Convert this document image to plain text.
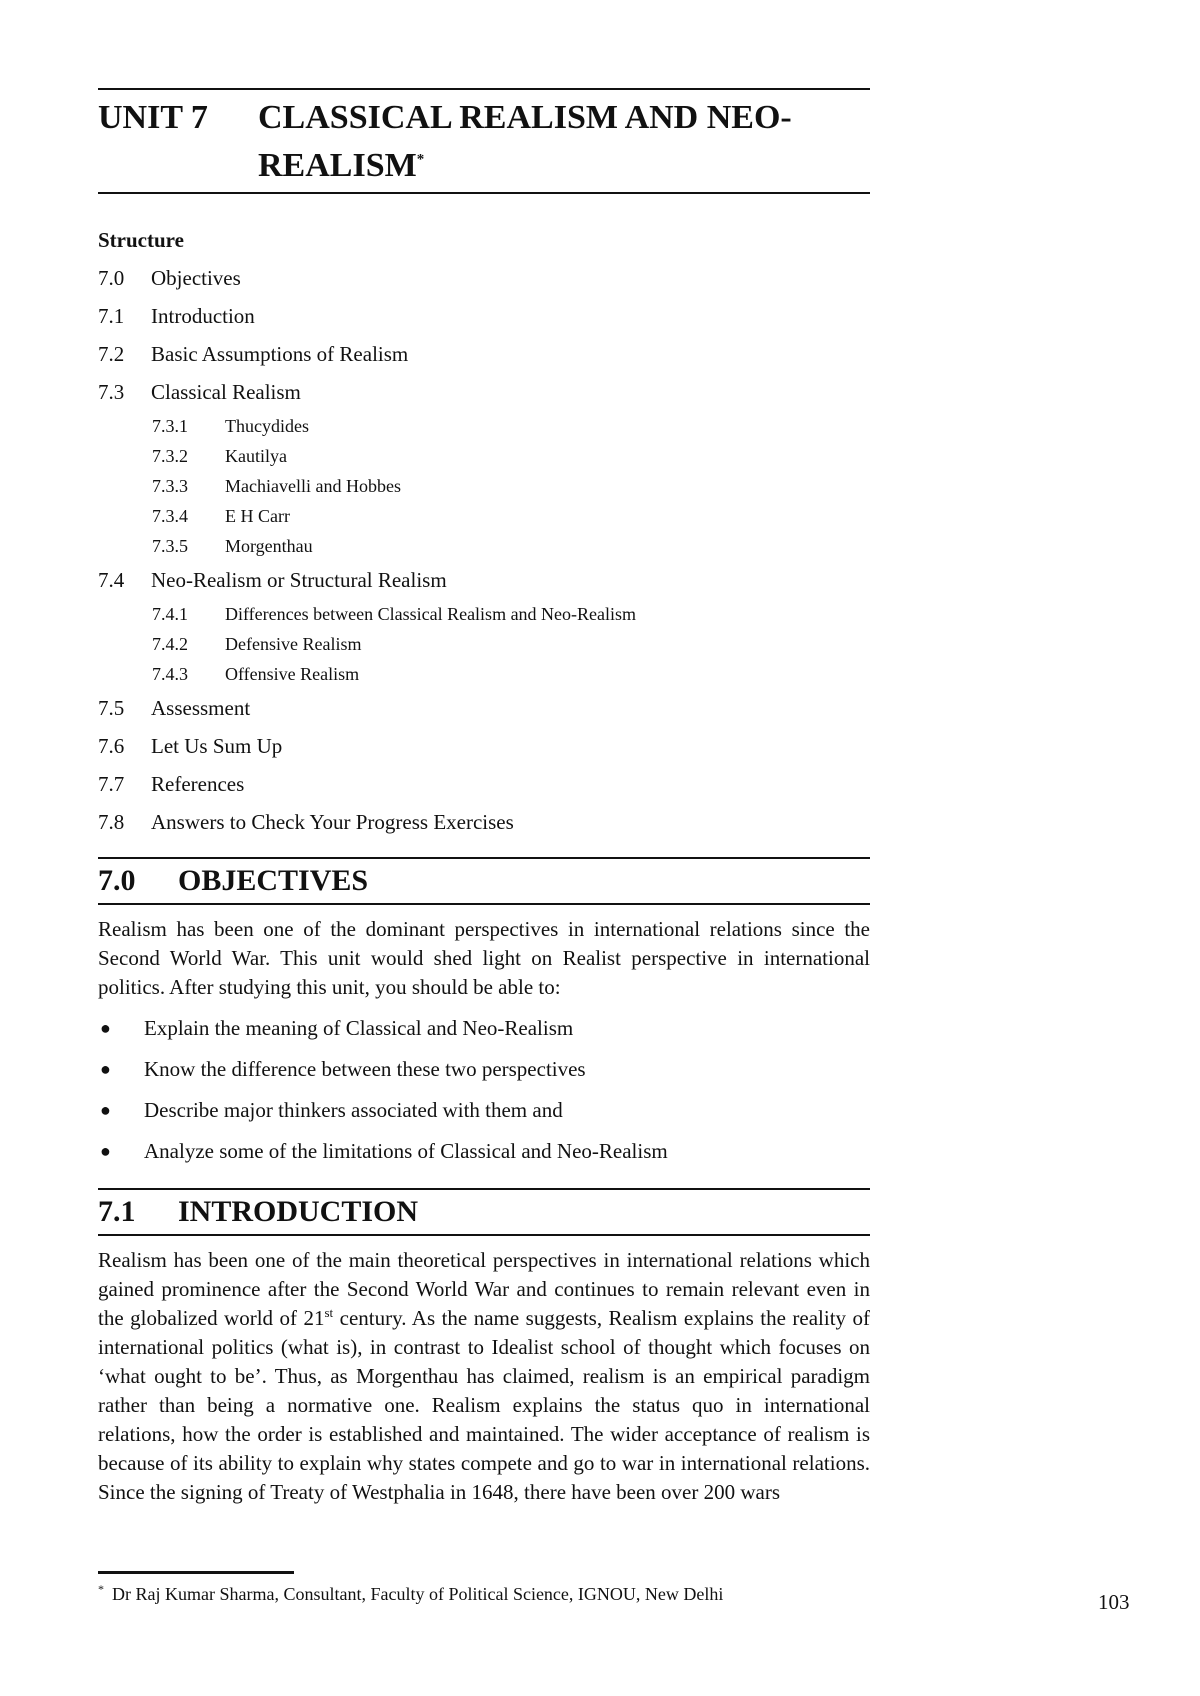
UNIT 7	CLASSICAL REALISM AND NEO-
REALISM*
Structure
7.0	Objectives
7.1	Introduction
7.2	Basic Assumptions of Realism
7.3	Classical Realism
7.3.1	Thucydides
7.3.2	Kautilya
7.3.3	Machiavelli and Hobbes
7.3.4	E H Carr
7.3.5	Morgenthau
7.4	Neo-Realism or Structural Realism
7.4.1	Differences between Classical Realism and Neo-Realism
7.4.2	Defensive Realism
7.4.3	Offensive Realism
7.5	Assessment
7.6	Let Us Sum Up
7.7	References
7.8	Answers to Check Your Progress Exercises
7.0	OBJECTIVES

Realism has been one of the dominant perspectives in international relations since the Second World War. This unit would shed light on Realist perspective in international politics. After studying this unit, you should be able to:

●	Explain the meaning of Classical and Neo-Realism
●	Know the difference between these two perspectives
●	Describe major thinkers associated with them and
●	Analyze some of the limitations of Classical and Neo-Realism
7.1	INTRODUCTION

Realism has been one of the main theoretical perspectives in international relations which gained prominence after the Second World War and continues to remain relevant even in the globalized world of 21st century. As the name suggests, Realism explains the reality of international politics (what is), in contrast to Idealist school of thought which focuses on ‘what ought to be’. Thus, as Morgenthau has claimed, realism is an empirical paradigm rather than being a normative one. Realism explains the status quo in international relations, how the order is established and maintained. The wider acceptance of realism is because of its ability to explain why states compete and go to war in international relations. Since the signing of Treaty of Westphalia in 1648, there have been over 200 wars

* Dr Raj Kumar Sharma, Consultant, Faculty of Political Science, IGNOU, New Delhi	103
